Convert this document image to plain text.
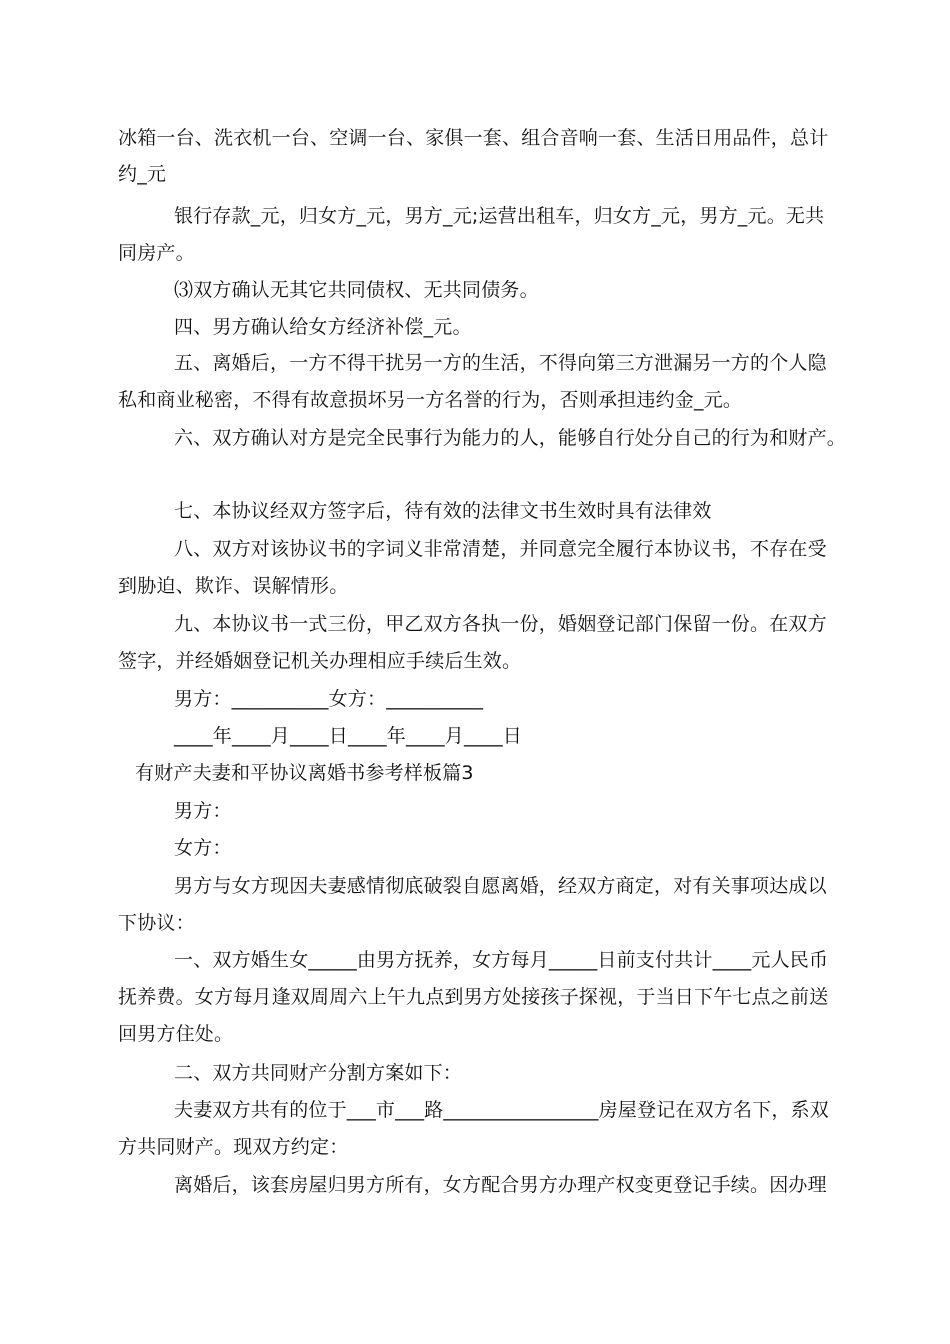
冰箱一台、洗衣机一台、空调一台、家俱一套、组合音响一套、生活日用品件，总计
约_元
银行存款_元，归女方_元，男方_元;运营出租车，归女方_元，男方_元。无共
同房产。
⑶双方确认无其它共同债权、无共同债务。
四、男方确认给女方经济补偿_元。
五、离婚后，一方不得干扰另一方的生活，不得向第三方泄漏另一方的个人隐
私和商业秘密，不得有故意损坏另一方名誉的行为，否则承担违约金_元。
六、双方确认对方是完全民事行为能力的人，能够自行处分自己的行为和财产。
七、本协议经双方签字后，待有效的法律文书生效时具有法律效
八、双方对该协议书的字词义非常清楚，并同意完全履行本协议书，不存在受
到胁迫、欺诈、误解情形。
九、本协议书一式三份，甲乙双方各执一份，婚姻登记部门保留一份。在双方
签字，并经婚姻登记机关办理相应手续后生效。
男方：__________女方：__________
____年____月____日____年____月____日
有财产夫妻和平协议离婚书参考样板篇3
男方：
女方：
男方与女方现因夫妻感情彻底破裂自愿离婚，经双方商定，对有关事项达成以
下协议：
一、双方婚生女_____由男方抚养，女方每月_____日前支付共计____元人民币
抚养费。女方每月逢双周周六上午九点到男方处接孩子探视，于当日下午七点之前送
回男方住处。
二、双方共同财产分割方案如下：
夫妻双方共有的位于___市___路________________房屋登记在双方名下，系双
方共同财产。现双方约定：
离婚后，该套房屋归男方所有，女方配合男方办理产权变更登记手续。因办理
